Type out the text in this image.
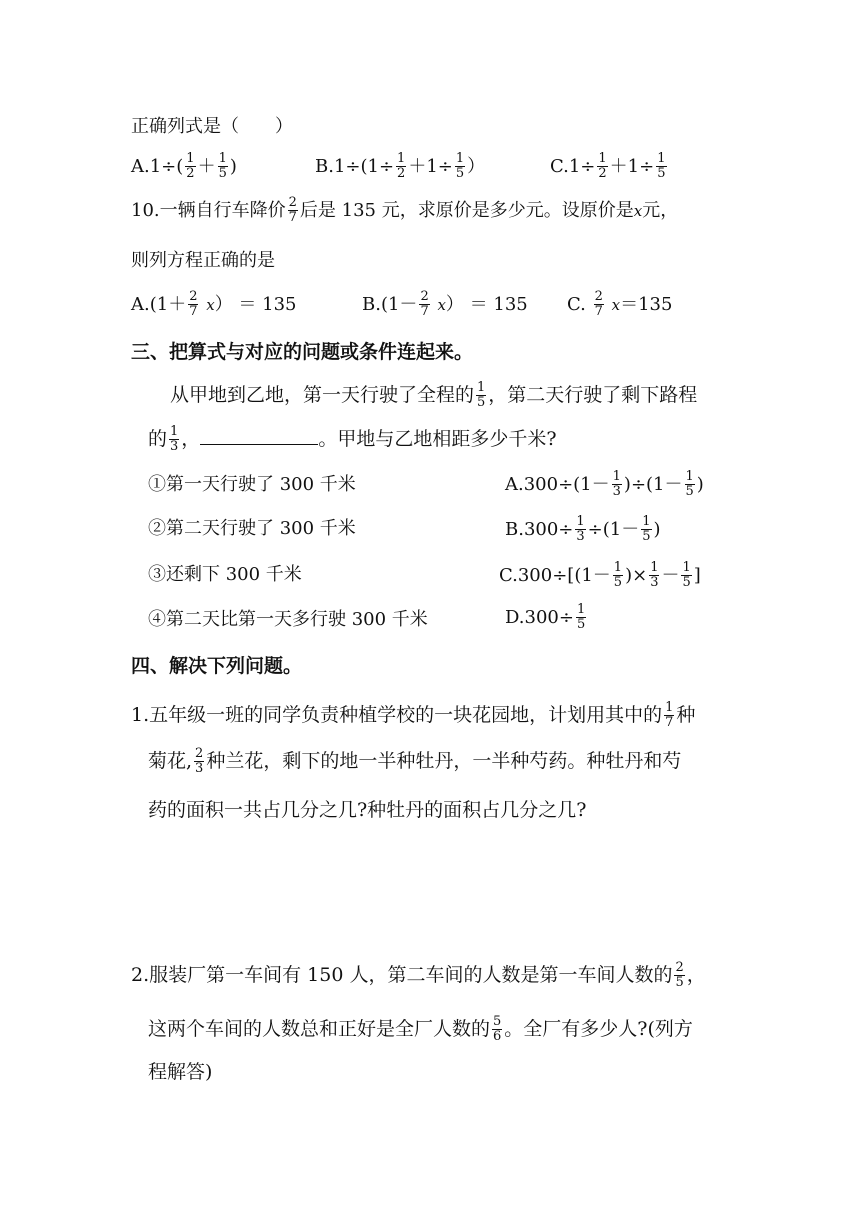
正确列式是（　　）
$A.1\div( \frac{1}{2} + \frac{1}{5}$ )	$B.1\div(1\div \frac{1}{2} +1\div \frac{1}{5}$ ）	$C.1\div \frac{1}{2} +1\div \frac{1}{5}$
10.一辆自行车降价 $\frac{2}{7}$ 后是 135 元，求原价是多少元。设原价是x元，
则列方程正确的是
$A.(1+ \frac{2}{7} x) = 135$	$B.(1- \frac{2}{7} x) = 135$ C. $\frac{2}{7} x=135$
三、把算式与对应的问题或条件连起来。
从甲地到乙地，第一天行驶了全程的 $\frac{1}{5}$ ，第二天行驶了剩下路程
的 $\frac{1}{3}$ ，	。甲地与乙地相距多少千米?
①第一天行驶了 300 千米
②第二天行驶了 300 千米
③还剩下 300 千米
④第二天比第一天多行驶 300 千米
$A.300\div(1- \frac{1}{3} )\div(1- \frac{1}{5}$ )
$B.300\div \frac{1}{3} \div(1- \frac{1}{5}$ )
$C.300\div[(1- \frac{1}{5}$ )× $\frac{1}{3} - \frac{1}{5}$ ]
$D.300\div \frac{1}{5}$
四、解决下列问题。
1.五年级一班的同学负责种植学校的一块花园地，计划用其中的 $\frac{1}{7}$ 种
菊花, $\frac{2}{3}$ 种兰花，剩下的地一半种牡丹，一半种芍药。种牡丹和芍
药的面积一共占几分之几?种牡丹的面积占几分之几?
2.服装厂第一车间有 150 人，第二车间的人数是第一车间人数的 $\frac{2}{5}$ ，
这两个车间的人数总和正好是全厂人数的 $\frac{5}{6}$ 。全厂有多少人?(列方
程解答)
